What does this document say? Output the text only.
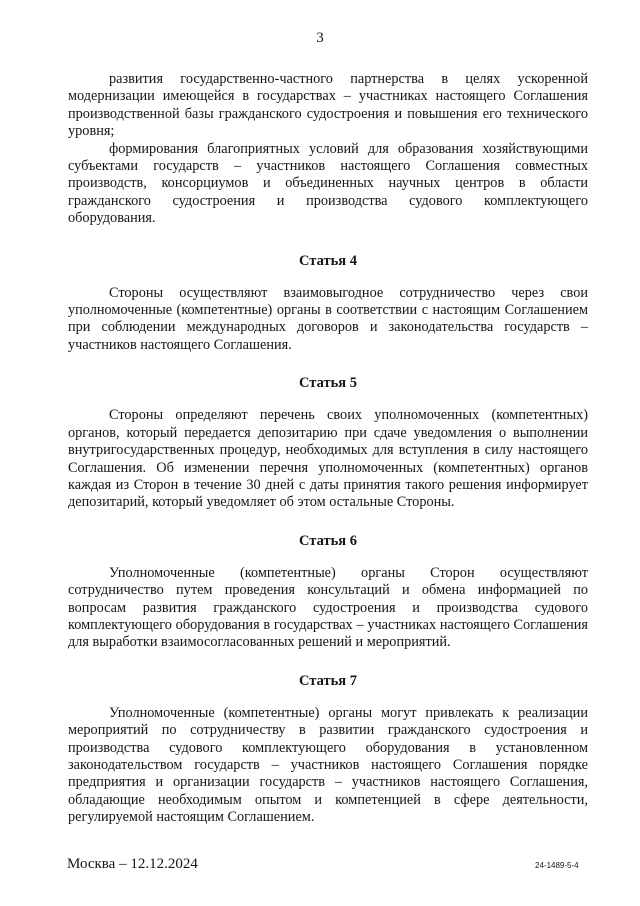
3

развития государственно-частного партнерства в целях ускоренной модернизации имеющейся в государствах – участниках настоящего Соглашения производственной базы гражданского судостроения и повышения его технического уровня;

формирования благоприятных условий для образования хозяйствующими субъектами государств – участников настоящего Соглашения совместных производств, консорциумов и объединенных научных центров в области гражданского судостроения и производства судового комплектующего оборудования.

Статья 4

Стороны осуществляют взаимовыгодное сотрудничество через свои уполномоченные (компетентные) органы в соответствии с настоящим Соглашением при соблюдении международных договоров и законодательства государств – участников настоящего Соглашения.

Статья 5

Стороны определяют перечень своих уполномоченных (компетентных) органов, который передается депозитарию при сдаче уведомления о выполнении внутригосударственных процедур, необходимых для вступления в силу настоящего Соглашения. Об изменении перечня уполномоченных (компетентных) органов каждая из Сторон в течение 30 дней с даты принятия такого решения информирует депозитарий, который уведомляет об этом остальные Стороны.

Статья 6

Уполномоченные (компетентные) органы Сторон осуществляют сотрудничество путем проведения консультаций и обмена информацией по вопросам развития гражданского судостроения и производства судового комплектующего оборудования в государствах – участниках настоящего Соглашения для выработки взаимосогласованных решений и мероприятий.

Статья 7

Уполномоченные (компетентные) органы могут привлекать к реализации мероприятий по сотрудничеству в развитии гражданского судостроения и производства судового комплектующего оборудования в установленном законодательством государств – участников настоящего Соглашения порядке предприятия и организации государств – участников настоящего Соглашения, обладающие необходимым опытом и компетенцией в сфере деятельности, регулируемой настоящим Соглашением.

Москва – 12.12.2024	24-1489-5-4
